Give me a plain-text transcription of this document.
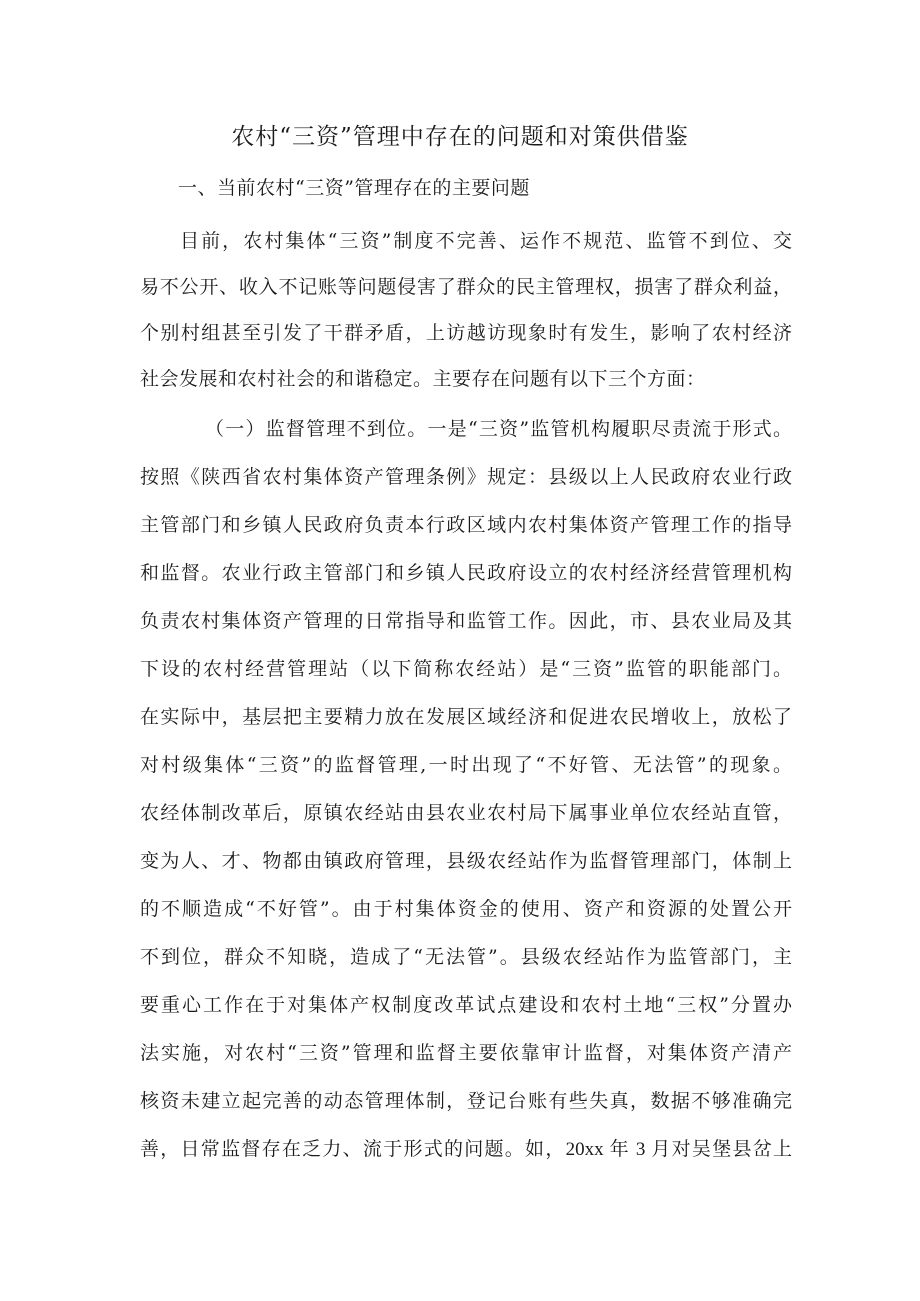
农村“三资”管理中存在的问题和对策供借鉴

一、当前农村“三资”管理存在的主要问题

目前，农村集体“三资”制度不完善、运作不规范、监管不到位、交

易不公开、收入不记账等问题侵害了群众的民主管理权，损害了群众利益，

个别村组甚至引发了干群矛盾，上访越访现象时有发生，影响了农村经济

社会发展和农村社会的和谐稳定。主要存在问题有以下三个方面：

（一）监督管理不到位。一是“三资”监管机构履职尽责流于形式。

按照《陕西省农村集体资产管理条例》规定：县级以上人民政府农业行政

主管部门和乡镇人民政府负责本行政区域内农村集体资产管理工作的指导

和监督。农业行政主管部门和乡镇人民政府设立的农村经济经营管理机构

负责农村集体资产管理的日常指导和监管工作。因此，市、县农业局及其

下设的农村经营管理站（以下简称农经站）是“三资”监管的职能部门。

在实际中，基层把主要精力放在发展区域经济和促进农民增收上，放松了

对村级集体“三资”的监督管理,一时出现了“不好管、无法管”的现象。

农经体制改革后，原镇农经站由县农业农村局下属事业单位农经站直管，

变为人、才、物都由镇政府管理，县级农经站作为监督管理部门，体制上

的不顺造成“不好管”。由于村集体资金的使用、资产和资源的处置公开

不到位，群众不知晓，造成了“无法管”。县级农经站作为监管部门，主

要重心工作在于对集体产权制度改革试点建设和农村土地“三权”分置办

法实施，对农村“三资”管理和监督主要依靠审计监督，对集体资产清产

核资未建立起完善的动态管理体制，登记台账有些失真，数据不够准确完

善，日常监督存在乏力、流于形式的问题。如，20xx 年 3 月对吴堡县岔上
